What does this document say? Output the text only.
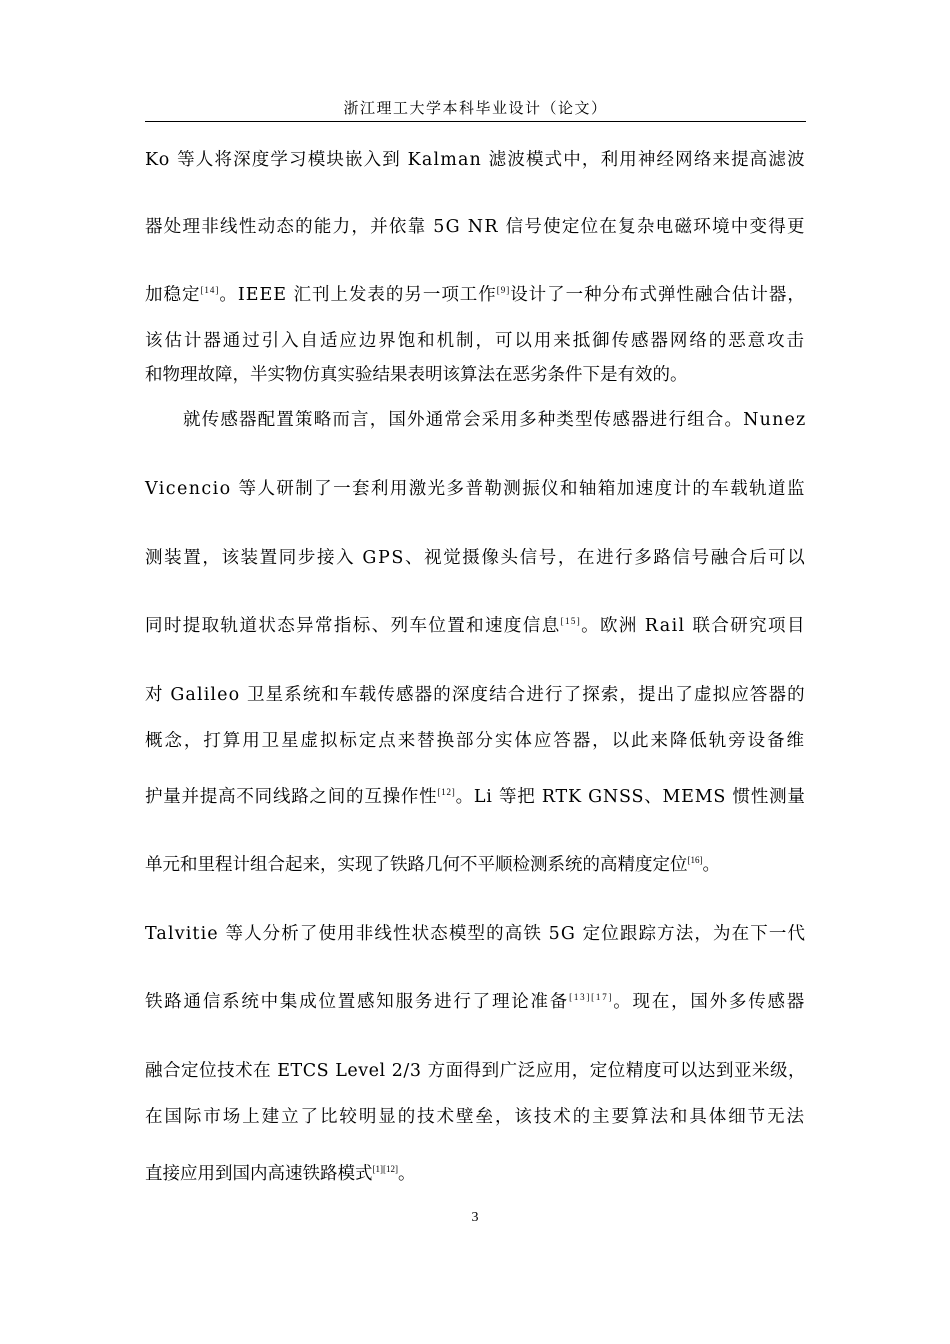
浙江理工大学本科毕业设计（论文）
Ko 等人将深度学习模块嵌入到 Kalman 滤波模式中，利用神经网络来提高滤波
器处理非线性动态的能力，并依靠 5G NR 信号使定位在复杂电磁环境中变得更
加稳定[14]。IEEE 汇刊上发表的另一项工作[9]设计了一种分布式弹性融合估计器，
该估计器通过引入自适应边界饱和机制，可以用来抵御传感器网络的恶意攻击
和物理故障，半实物仿真实验结果表明该算法在恶劣条件下是有效的。
就传感器配置策略而言，国外通常会采用多种类型传感器进行组合。Nunez
Vicencio 等人研制了一套利用激光多普勒测振仪和轴箱加速度计的车载轨道监
测装置，该装置同步接入 GPS、视觉摄像头信号，在进行多路信号融合后可以
同时提取轨道状态异常指标、列车位置和速度信息[15]。欧洲 Rail 联合研究项目
对 Galileo 卫星系统和车载传感器的深度结合进行了探索，提出了虚拟应答器的
概念，打算用卫星虚拟标定点来替换部分实体应答器，以此来降低轨旁设备维
护量并提高不同线路之间的互操作性[12]。Li 等把 RTK GNSS、MEMS 惯性测量
单元和里程计组合起来，实现了铁路几何不平顺检测系统的高精度定位[16]。
Talvitie 等人分析了使用非线性状态模型的高铁 5G 定位跟踪方法，为在下一代
铁路通信系统中集成位置感知服务进行了理论准备[13][17]。现在，国外多传感器
融合定位技术在 ETCS Level 2/3 方面得到广泛应用，定位精度可以达到亚米级，
在国际市场上建立了比较明显的技术壁垒，该技术的主要算法和具体细节无法
直接应用到国内高速铁路模式[1][12]。
3
